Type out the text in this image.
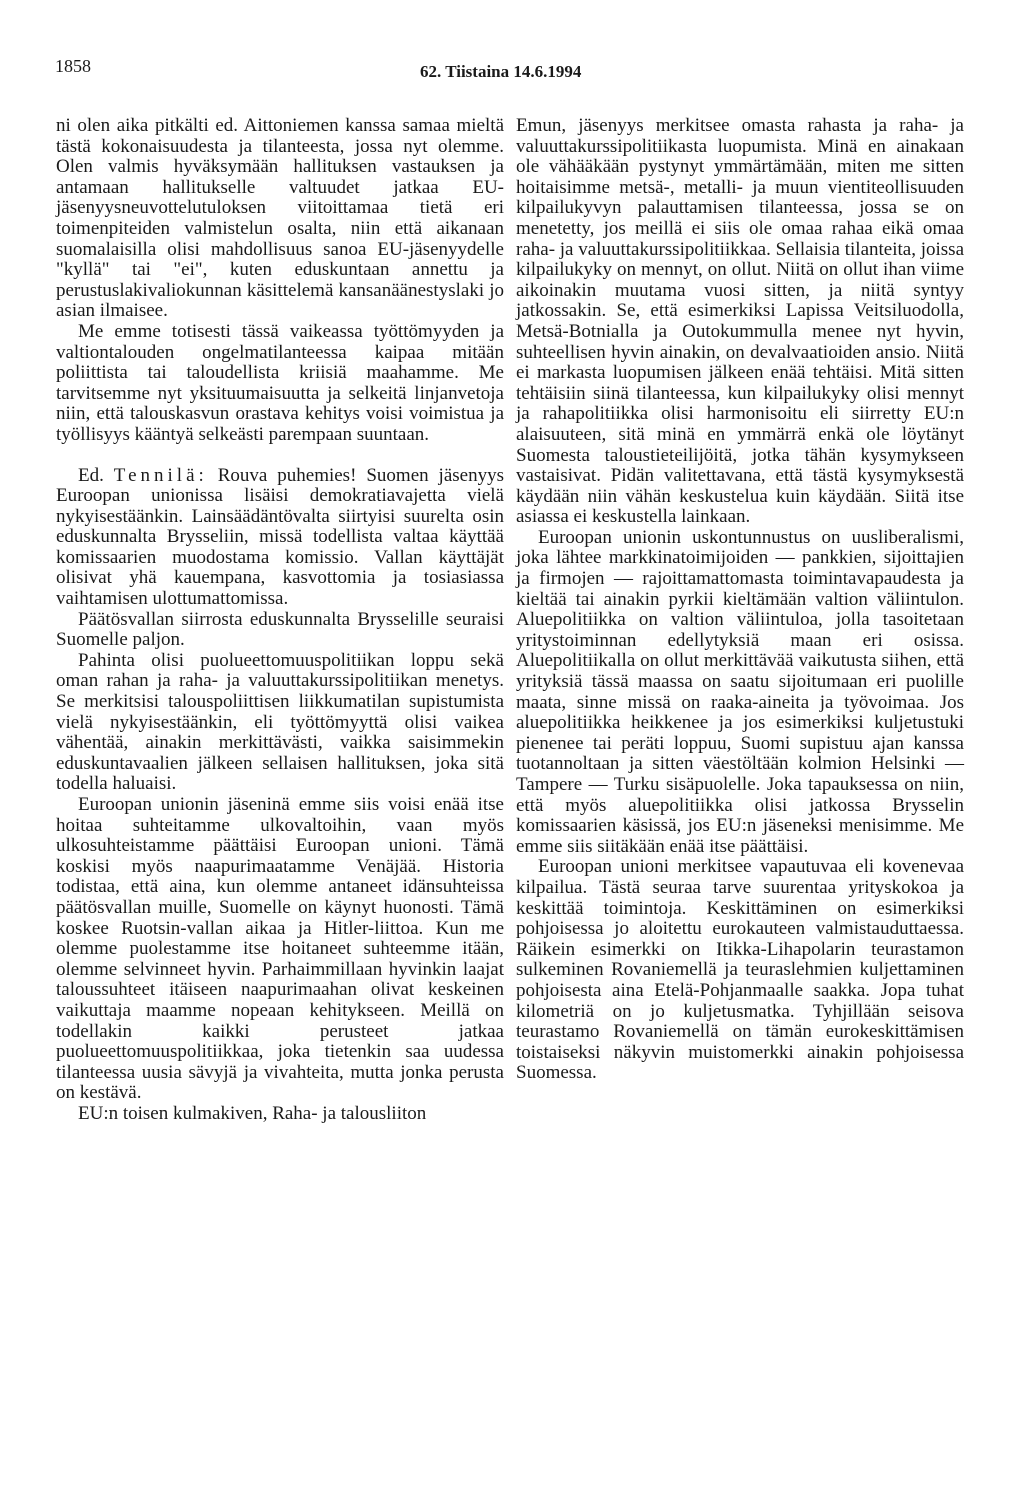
1858	62. Tiistaina 14.6.1994

ni olen aika pitkälti ed. Aittoniemen kanssa samaa mieltä tästä kokonaisuudesta ja tilanteesta, jossa nyt olemme. Olen valmis hyväksymään hallituksen vastauksen ja antamaan hallitukselle valtuudet jatkaa EU-jäsenyysneuvottelutuloksen viitoittamaa tietä eri toimenpiteiden valmistelun osalta, niin että aikanaan suomalaisilla olisi mahdollisuus sanoa EU-jäsenyydelle "kyllä" tai "ei", kuten eduskuntaan annettu ja perustuslakivaliokunnan käsittelemä kansanäänestyslaki jo asian ilmaisee.

Me emme totisesti tässä vaikeassa työttömyyden ja valtiontalouden ongelmatilanteessa kaipaa mitään poliittista tai taloudellista kriisiä maahamme. Me tarvitsemme nyt yksituumaisuutta ja selkeitä linjanvetoja niin, että talouskasvun orastava kehitys voisi voimistua ja työllisyys kääntyä selkeästi parempaan suuntaan.

Ed. Tennilä: Rouva puhemies! Suomen jäsenyys Euroopan unionissa lisäisi demokratiavajetta vielä nykyisestäänkin. Lainsäädäntövalta siirtyisi suurelta osin eduskunnalta Brysseliin, missä todellista valtaa käyttää komissaarien muodostama komissio. Vallan käyttäjät olisivat yhä kauempana, kasvottomia ja tosiasiassa vaihtamisen ulottumattomissa.

Päätösvallan siirrosta eduskunnalta Brysselille seuraisi Suomelle paljon.

Pahinta olisi puolueettomuuspolitiikan loppu sekä oman rahan ja raha- ja valuuttakurssipolitiikan menetys. Se merkitsisi talouspoliittisen liikkumatilan supistumista vielä nykyisestäänkin, eli työttömyyttä olisi vaikea vähentää, ainakin merkittävästi, vaikka saisimmekin eduskuntavaalien jälkeen sellaisen hallituksen, joka sitä todella haluaisi.

Euroopan unionin jäseninä emme siis voisi enää itse hoitaa suhteitamme ulkovaltoihin, vaan myös ulkosuhteistamme päättäisi Euroopan unioni. Tämä koskisi myös naapurimaatamme Venäjää. Historia todistaa, että aina, kun olemme antaneet idänsuhteissa päätösvallan muille, Suomelle on käynyt huonosti. Tämä koskee Ruotsin-vallan aikaa ja Hitler-liittoa. Kun me olemme puolestamme itse hoitaneet suhteemme itään, olemme selvinneet hyvin. Parhaimmillaan hyvinkin laajat taloussuhteet itäiseen naapurimaahan olivat keskeinen vaikuttaja maamme nopeaan kehitykseen. Meillä on todellakin kaikki perusteet jatkaa puolueettomuuspolitiikkaa, joka tietenkin saa uudessa tilanteessa uusia sävyjä ja vivahteita, mutta jonka perusta on kestävä.

EU:n toisen kulmakiven, Raha- ja talousliiton

Emun, jäsenyys merkitsee omasta rahasta ja raha- ja valuuttakurssipolitiikasta luopumista. Minä en ainakaan ole vähääkään pystynyt ymmärtämään, miten me sitten hoitaisimme metsä-, metalli- ja muun vientiteollisuuden kilpailukyvyn palauttamisen tilanteessa, jossa se on menetetty, jos meillä ei siis ole omaa rahaa eikä omaa raha- ja valuuttakurssipolitiikkaa. Sellaisia tilanteita, joissa kilpailukyky on mennyt, on ollut. Niitä on ollut ihan viime aikoinakin muutama vuosi sitten, ja niitä syntyy jatkossakin. Se, että esimerkiksi Lapissa Veitsiluodolla, Metsä-Botnialla ja Outokummulla menee nyt hyvin, suhteellisen hyvin ainakin, on devalvaatioiden ansio. Niitä ei markasta luopumisen jälkeen enää tehtäisi. Mitä sitten tehtäisiin siinä tilanteessa, kun kilpailukyky olisi mennyt ja rahapolitiikka olisi harmonisoitu eli siirretty EU:n alaisuuteen, sitä minä en ymmärrä enkä ole löytänyt Suomesta taloustieteilijöitä, jotka tähän kysymykseen vastaisivat. Pidän valitettavana, että tästä kysymyksestä käydään niin vähän keskustelua kuin käydään. Siitä itse asiassa ei keskustella lainkaan.

Euroopan unionin uskontunnustus on uusliberalismi, joka lähtee markkinatoimijoiden — pankkien, sijoittajien ja firmojen — rajoittamattomasta toimintavapaudesta ja kieltää tai ainakin pyrkii kieltämään valtion väliintulon. Aluepolitiikka on valtion väliintuloa, jolla tasoitetaan yritystoiminnan edellytyksiä maan eri osissa. Aluepolitiikalla on ollut merkittävää vaikutusta siihen, että yrityksiä tässä maassa on saatu sijoitumaan eri puolille maata, sinne missä on raaka-aineita ja työvoimaa. Jos aluepolitiikka heikkenee ja jos esimerkiksi kuljetustuki pienenee tai peräti loppuu, Suomi supistuu ajan kanssa tuotannoltaan ja sitten väestöltään kolmion Helsinki — Tampere — Turku sisäpuolelle. Joka tapauksessa on niin, että myös aluepolitiikka olisi jatkossa Brysselin komissaarien käsissä, jos EU:n jäseneksi menisimme. Me emme siis siitäkään enää itse päättäisi.

Euroopan unioni merkitsee vapautuvaa eli kovenevaa kilpailua. Tästä seuraa tarve suurentaa yrityskokoa ja keskittää toimintoja. Keskittäminen on esimerkiksi pohjoisessa jo aloitettu eurokauteen valmistauduttaessa. Räikein esimerkki on Itikka-Lihapolarin teurastamon sulkeminen Rovaniemellä ja teuraslehmien kuljettaminen pohjoisesta aina Etelä-Pohjanmaalle saakka. Jopa tuhat kilometriä on jo kuljetusmatka. Tyhjillään seisova teurastamo Rovaniemellä on tämän eurokeskittämisen toistaiseksi näkyvin muistomerkki ainakin pohjoisessa Suomessa.
